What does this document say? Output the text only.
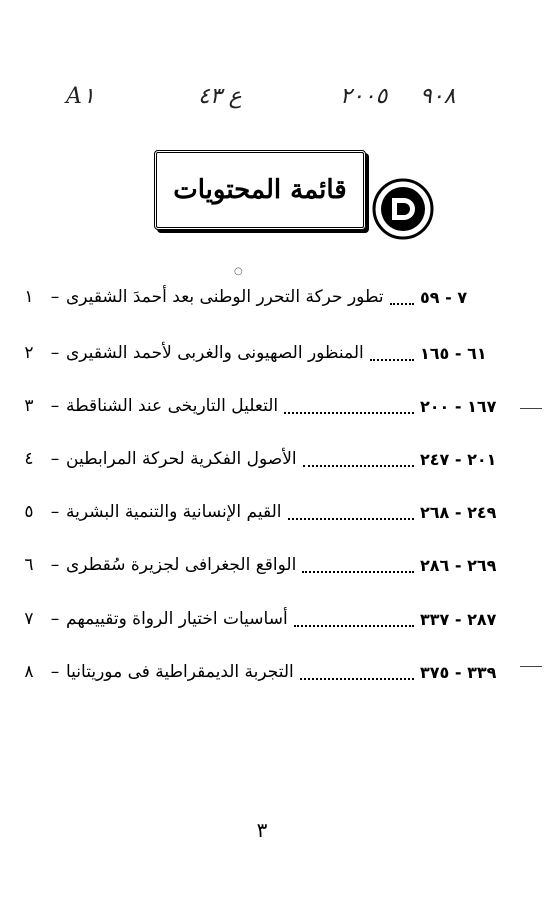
A١	ع ٤٣	٢٠٠٥ ٩٠٨
قائمة المحتويات
○
١	– تطور حركة التحرر الوطنى بعد أحمدَ الشقيرى ٧ - ٥٩
٢	– المنظور الصهيونى والغربى لأحمد الشقيرى	٦١ - ١٦٥
٣	– التعليل التاريخى عند الشناقطة	١٦٧ - ٢٠٠
٤	– الأصول الفكرية لحركة المرابطين	٢٠١ - ٢٤٧
٥	– القيم الإنسانية والتنمية البشرية	٢٤٩ - ٢٦٨
٦	– الواقع الجغرافى لجزيرة سُقطرى	٢٦٩ - ٢٨٦
٧	– أساسيات اختيار الرواة وتقييمهم	٢٨٧ - ٣٣٧
٨	– التجربة الديمقراطية فى موريتانيا	٣٣٩ - ٣٧٥
٣
